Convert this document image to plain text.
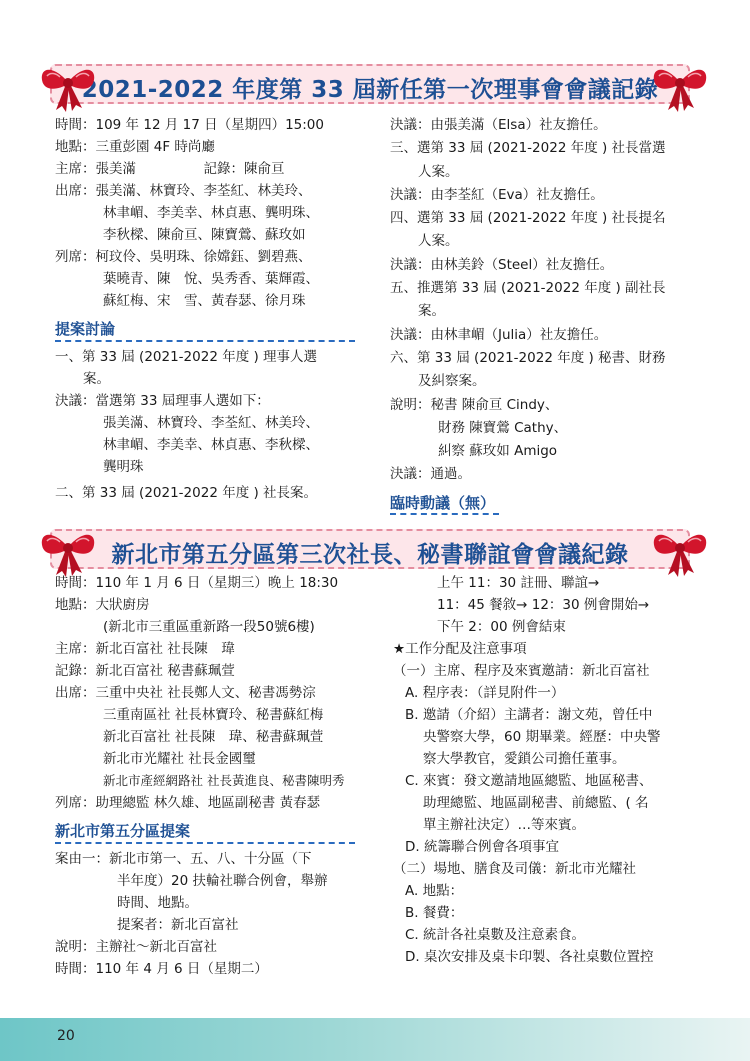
2021-2022 年度第 33 屆新任第一次理事會會議記錄
時間：109 年 12 月 17 日（星期四）15:00
地點：三重彭園 4F 時尚廳
主席：張美滿　　　　　記錄：陳俞亘
出席：張美滿、林寶玲、李荃紅、林美玲、
林聿嵋、李美幸、林貞惠、龔明珠、
李秋樑、陳俞亘、陳寶鶯、蘇玫如
列席：柯玟伶、吳明珠、徐嫦鈺、劉碧燕、
葉曉青、陳　悅、吳秀香、葉輝霞、
蘇紅梅、宋　雪、黃春瑟、徐月珠
提案討論
一、第 33 屆 (2021-2022 年度 ) 理事人選
案。
決議：當選第 33 屆理事人選如下：
張美滿、林寶玲、李荃紅、林美玲、
林聿嵋、李美幸、林貞惠、李秋樑、
龔明珠
二、第 33 屆 (2021-2022 年度 ) 社長案。
決議：由張美滿（Elsa）社友擔任。
三、選第 33 屆 (2021-2022 年度 ) 社長當選
人案。
決議：由李荃紅（Eva）社友擔任。
四、選第 33 屆 (2021-2022 年度 ) 社長提名
人案。
決議：由林美鈴（Steel）社友擔任。
五、推選第 33 屆 (2021-2022 年度 ) 副社長
案。
決議：由林聿嵋（Julia）社友擔任。
六、第 33 屆 (2021-2022 年度 ) 秘書、財務
及糾察案。
說明：秘書 陳俞亘 Cindy、
財務 陳寶鶯 Cathy、
糾察 蘇玫如 Amigo
決議：通過。
臨時動議（無）
新北市第五分區第三次社長、秘書聯誼會會議紀錄
時間：110 年 1 月 6 日（星期三）晚上 18:30
地點：大狀廚房
(新北市三重區重新路一段50號6樓)
主席：新北百富社 社長陳　瑋
記錄：新北百富社 秘書蘇珮萱
出席：三重中央社 社長鄭人文、秘書馮勢淙
三重南區社 社長林寶玲、秘書蘇紅梅
新北百富社 社長陳　瑋、秘書蘇珮萱
新北市光耀社 社長金國璽
新北市產經網路社 社長黃進良、秘書陳明秀
列席：助理總監 林久雄、地區副秘書 黃春瑟
新北市第五分區提案
案由一：新北市第一、五、八、十分區（下
半年度）20 扶輪社聯合例會，舉辦
時間、地點。
提案者：新北百富社
說明：主辦社～新北百富社
時間：110 年 4 月 6 日（星期二）
上午 11：30 註冊、聯誼→
11：45 餐敘→ 12：30 例會開始→
下午 2：00 例會結束
★工作分配及注意事項
（一）主席、程序及來賓邀請：新北百富社
A. 程序表：（詳見附件一）
B. 邀請（介紹）主講者：謝文苑，曾任中
央警察大學，60 期畢業。經歷：中央警
察大學教官，愛鎖公司擔任董事。
C. 來賓：發文邀請地區總監、地區秘書、
助理總監、地區副秘書、前總監、( 名
單主辦社決定）…等來賓。
D. 統籌聯合例會各項事宜
（二）場地、膳食及司儀：新北市光耀社
A. 地點：
B. 餐費：
C. 統計各社桌數及注意素食。
D. 桌次安排及桌卡印製、各社桌數位置控
20
